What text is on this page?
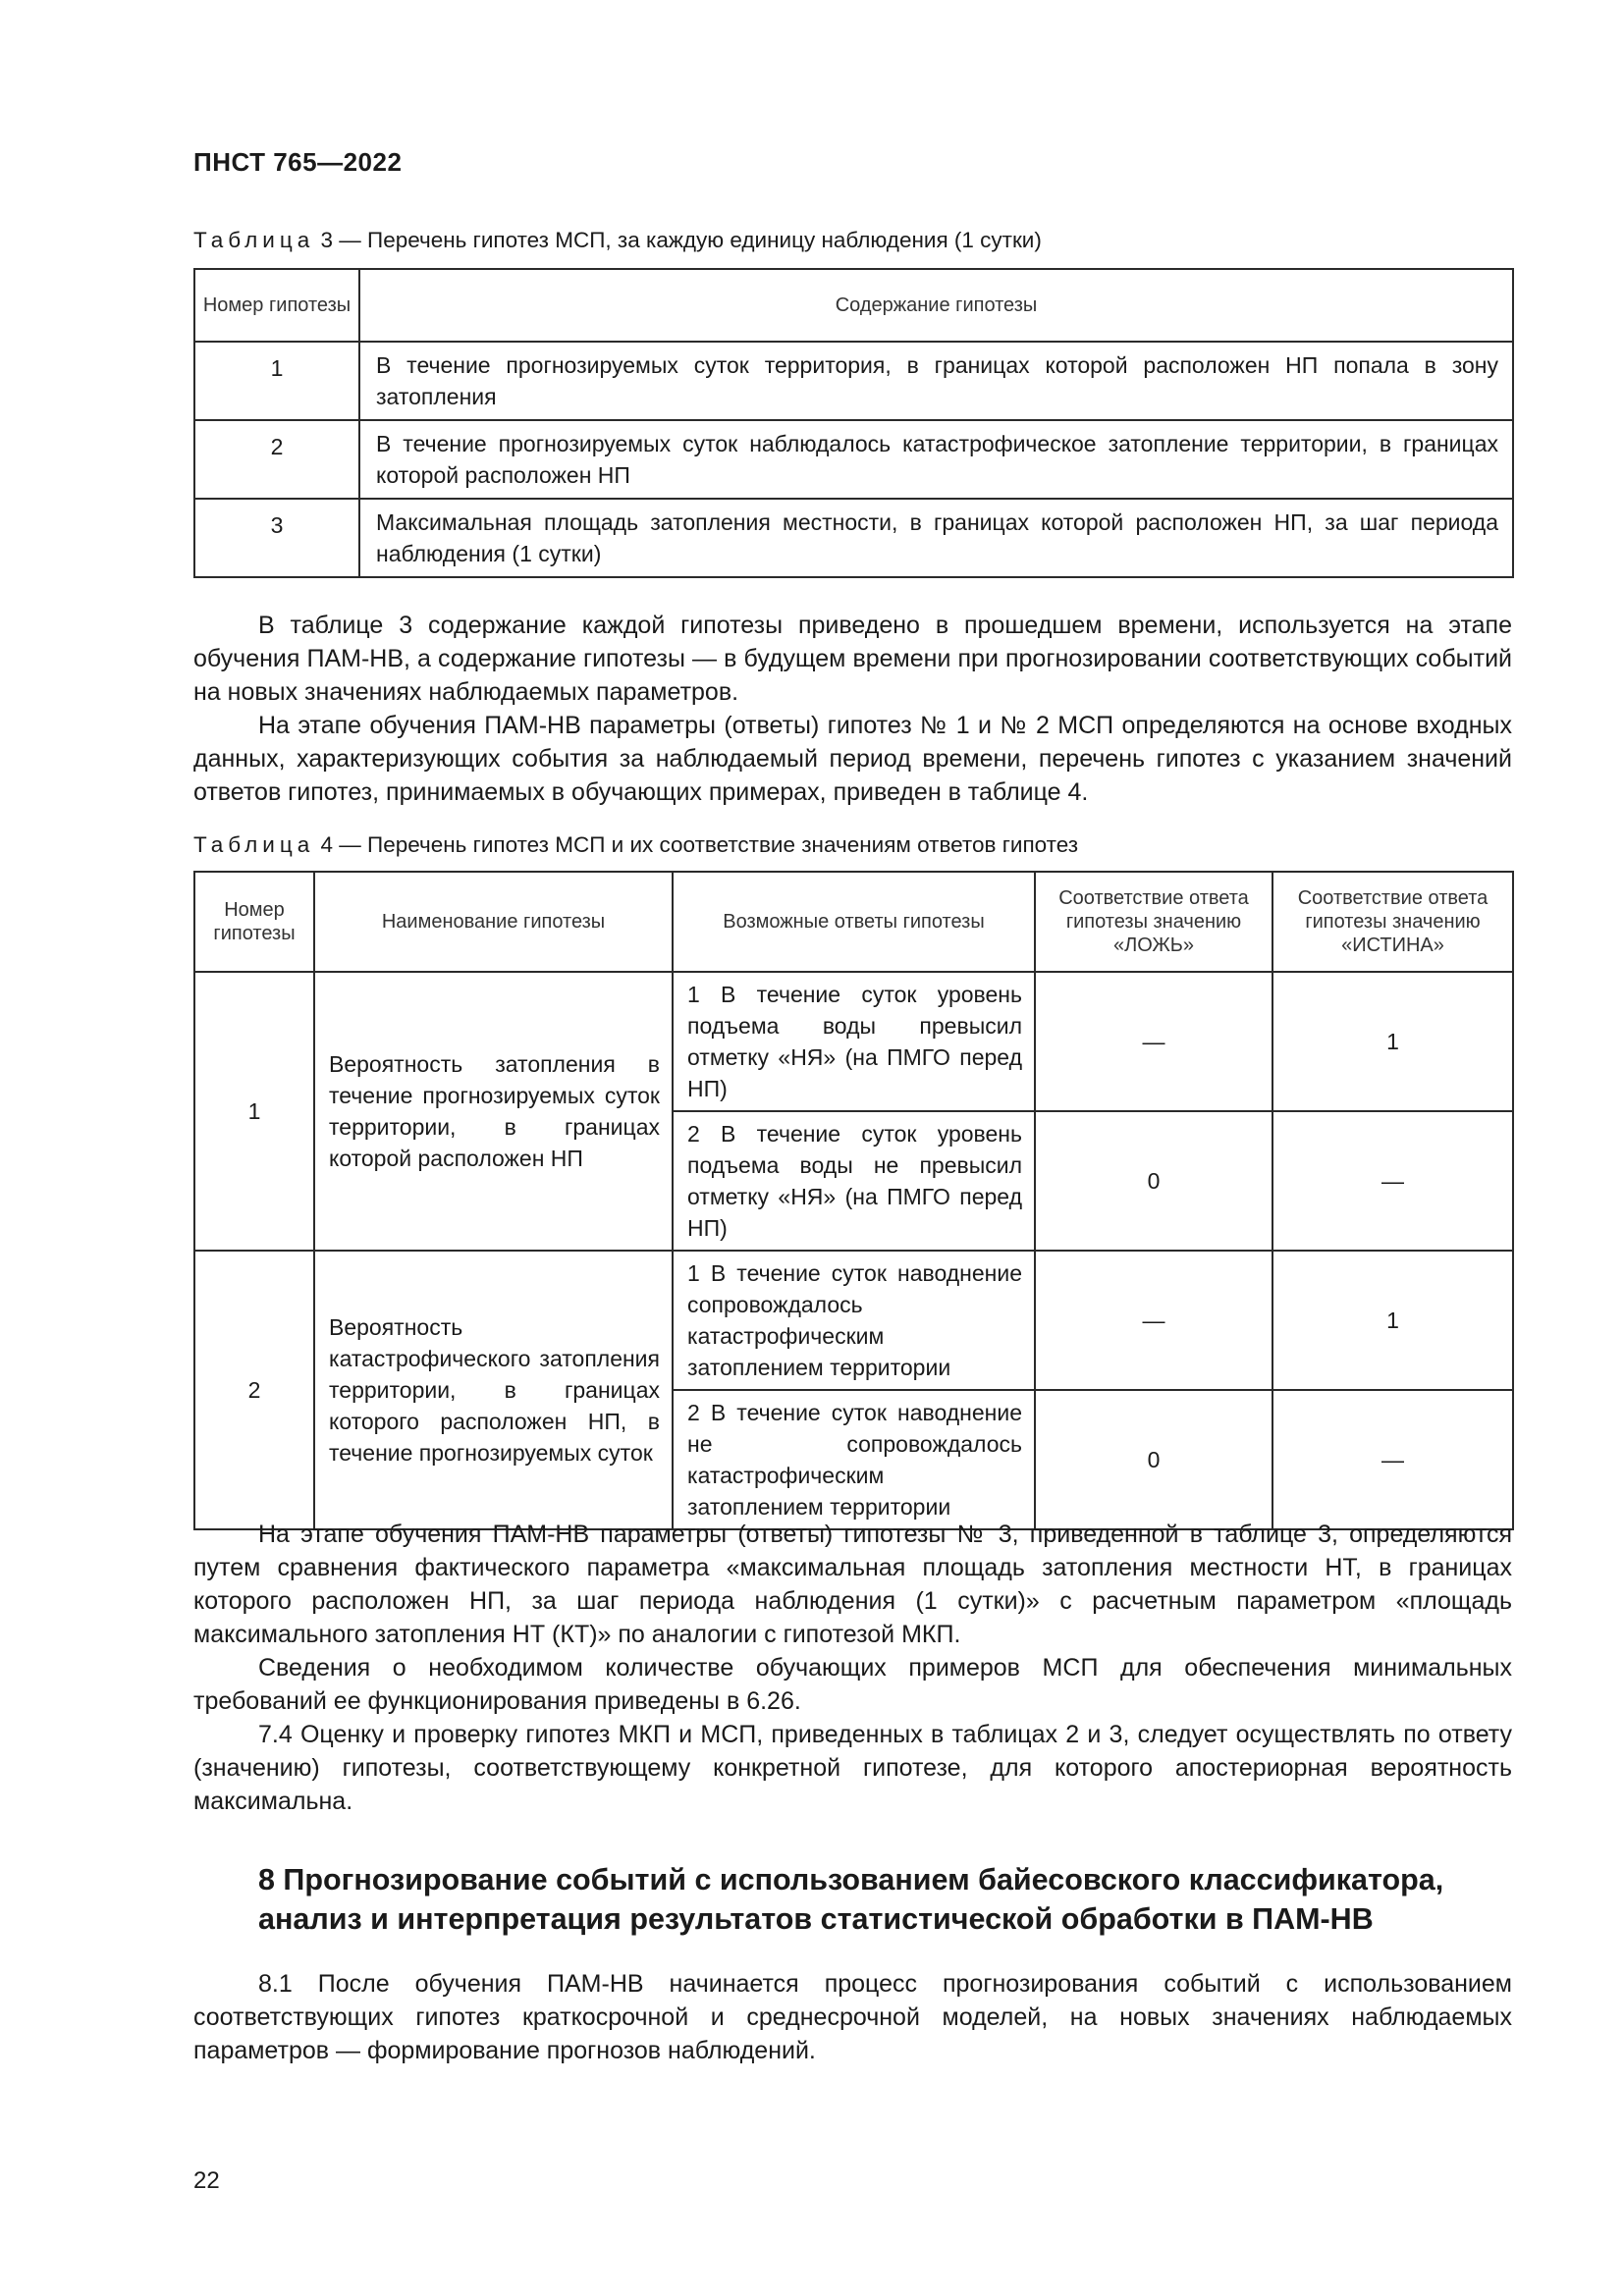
ПНСТ 765—2022
Таблица 3 — Перечень гипотез МСП, за каждую единицу наблюдения (1 сутки)
Номер гипотезы	Содержание гипотезы
1	В течение прогнозируемых суток территория, в границах которой расположен НП попала в зону затопления
2	В течение прогнозируемых суток наблюдалось катастрофическое затопление территории, в границах которой расположен НП
3	Максимальная площадь затопления местности, в границах которой расположен НП, за шаг периода наблюдения (1 сутки)

В таблице 3 содержание каждой гипотезы приведено в прошедшем времени, используется на этапе обучения ПАМ-НВ, а содержание гипотезы — в будущем времени при прогнозировании соответствующих событий на новых значениях наблюдаемых параметров.

На этапе обучения ПАМ-НВ параметры (ответы) гипотез № 1 и № 2 МСП определяются на основе входных данных, характеризующих события за наблюдаемый период времени, перечень гипотез с указанием значений ответов гипотез, принимаемых в обучающих примерах, приведен в таблице 4.

Таблица 4 — Перечень гипотез МСП и их соответствие значениям ответов гипотез
Номер гипотезы	Наименование гипотезы	Возможные ответы гипотезы	Соответствие ответа гипотезы значению «ЛОЖЬ»	Соответствие ответа гипотезы значению «ИСТИНА»
1	Вероятность затопления в течение прогнозируемых суток территории, в границах которой расположен НП	1 В течение суток уровень подъема воды превысил отметку «НЯ» (на ПМГО перед НП)	—	1
		2 В течение суток уровень подъема воды не превысил отметку «НЯ» (на ПМГО перед НП)	0	—
2	Вероятность катастрофического затопления территории, в границах которого расположен НП, в течение прогнозируемых суток	1 В течение суток наводнение сопровождалось катастрофическим затоплением территории	—	1
		2 В течение суток наводнение не сопровождалось катастрофическим затоплением территории	0	—

На этапе обучения ПАМ-НВ параметры (ответы) гипотезы № 3, приведенной в таблице 3, определяются путем сравнения фактического параметра «максимальная площадь затопления местности НТ, в границах которого расположен НП, за шаг периода наблюдения (1 сутки)» с расчетным параметром «площадь максимального затопления НТ (КТ)» по аналогии с гипотезой МКП.

Сведения о необходимом количестве обучающих примеров МСП для обеспечения минимальных требований ее функционирования приведены в 6.26.

7.4 Оценку и проверку гипотез МКП и МСП, приведенных в таблицах 2 и 3, следует осуществлять по ответу (значению) гипотезы, соответствующему конкретной гипотезе, для которого апостериорная вероятность максимальна.

8 Прогнозирование событий с использованием байесовского классификатора, анализ и интерпретация результатов статистической обработки в ПАМ-НВ

8.1 После обучения ПАМ-НВ начинается процесс прогнозирования событий с использованием соответствующих гипотез краткосрочной и среднесрочной моделей, на новых значениях наблюдаемых параметров — формирование прогнозов наблюдений.

22
